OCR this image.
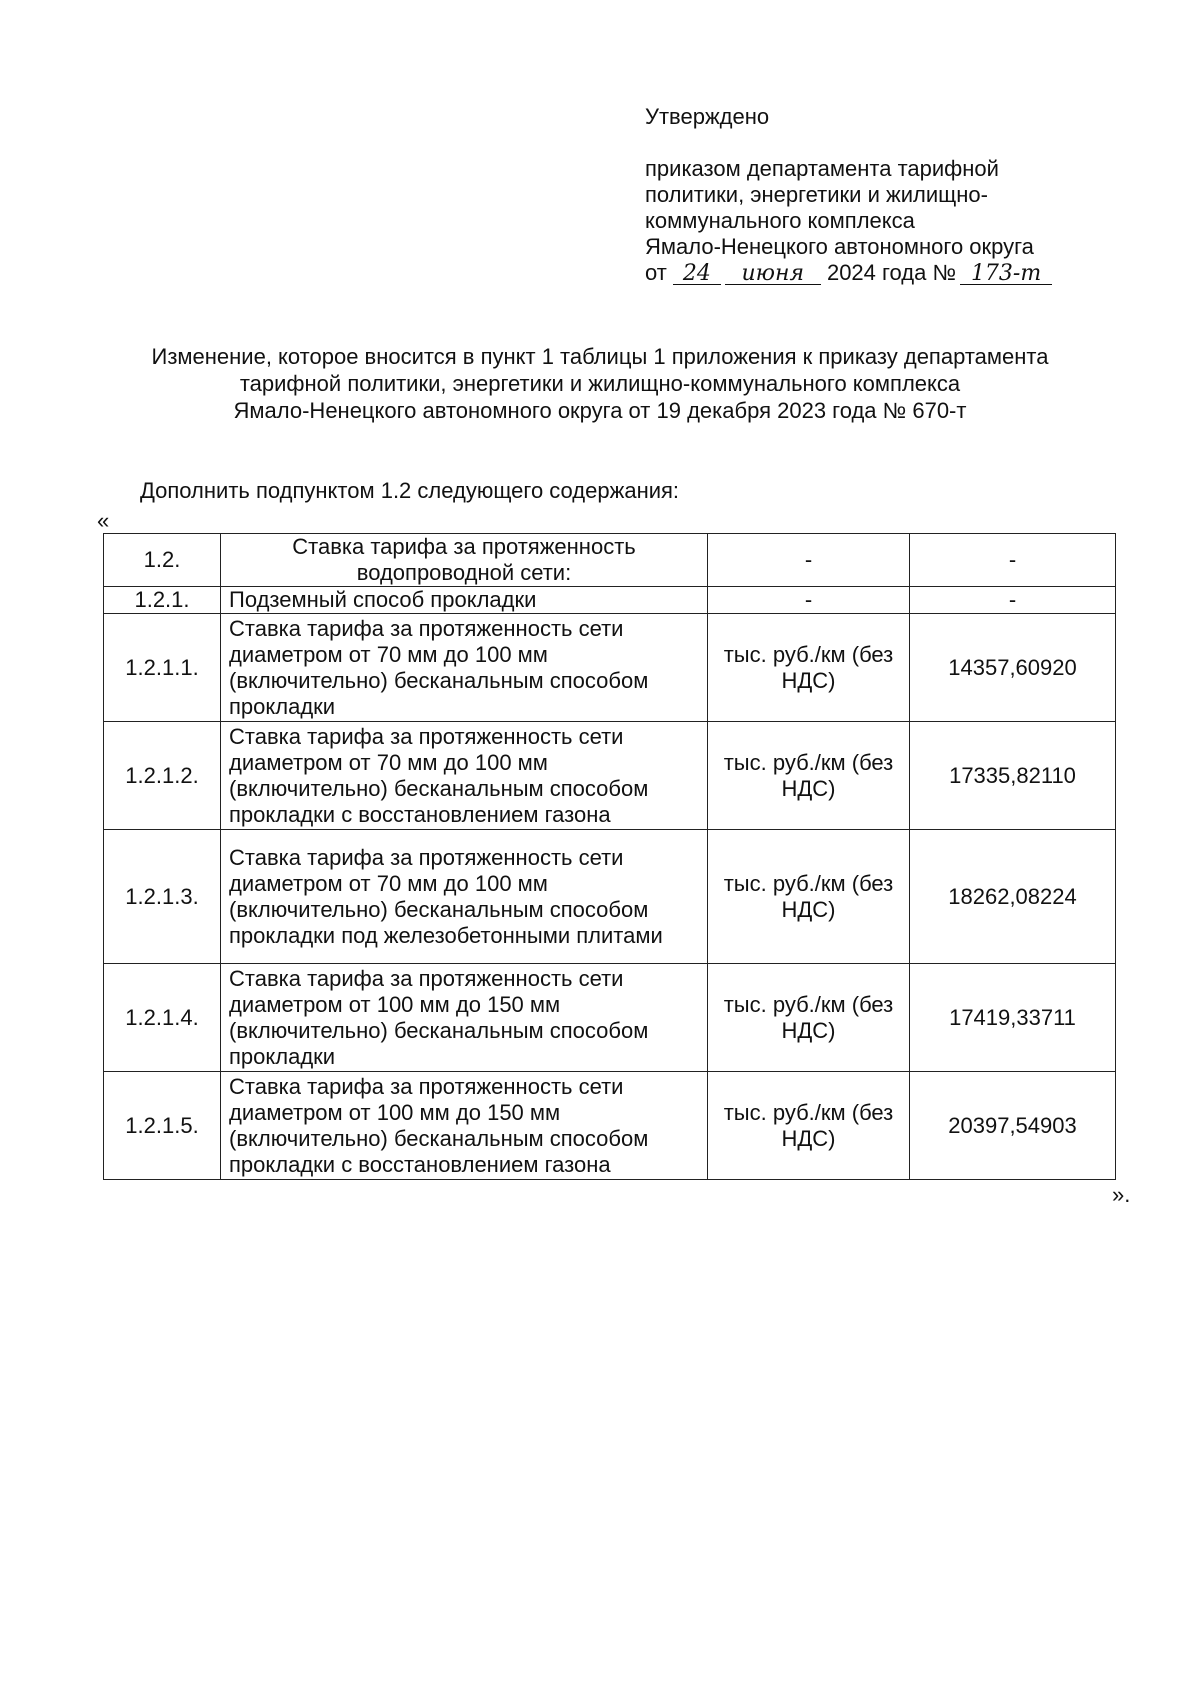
Утверждено
приказом департамента тарифной
политики, энергетики и жилищно-
коммунального комплекса
Ямало-Ненецкого автономного округа
от 24 июня 2024 года № 173-т
Изменение, которое вносится в пункт 1 таблицы 1 приложения к приказу департамента
тарифной политики, энергетики и жилищно-коммунального комплекса
Ямало-Ненецкого автономного округа от 19 декабря 2023 года № 670-т
Дополнить подпунктом 1.2 следующего содержания:
«
1.2.	Ставка тарифа за протяженность водопроводной сети:	-	-
1.2.1.	Подземный способ прокладки	-	-
1.2.1.1.	Ставка тарифа за протяженность сети диаметром от 70 мм до 100 мм (включительно) бесканальным способом прокладки	тыс. руб./км (без НДС)	14357,60920
1.2.1.2.	Ставка тарифа за протяженность сети диаметром от 70 мм до 100 мм (включительно) бесканальным способом прокладки с восстановлением газона	тыс. руб./км (без НДС)	17335,82110
1.2.1.3.	Ставка тарифа за протяженность сети диаметром от 70 мм до 100 мм (включительно) бесканальным способом прокладки под железобетонными плитами	тыс. руб./км (без НДС)	18262,08224
1.2.1.4.	Ставка тарифа за протяженность сети диаметром от 100 мм до 150 мм (включительно) бесканальным способом прокладки	тыс. руб./км (без НДС)	17419,33711
1.2.1.5.	Ставка тарифа за протяженность сети диаметром от 100 мм до 150 мм (включительно) бесканальным способом прокладки с восстановлением газона	тыс. руб./км (без НДС)	20397,54903
».
